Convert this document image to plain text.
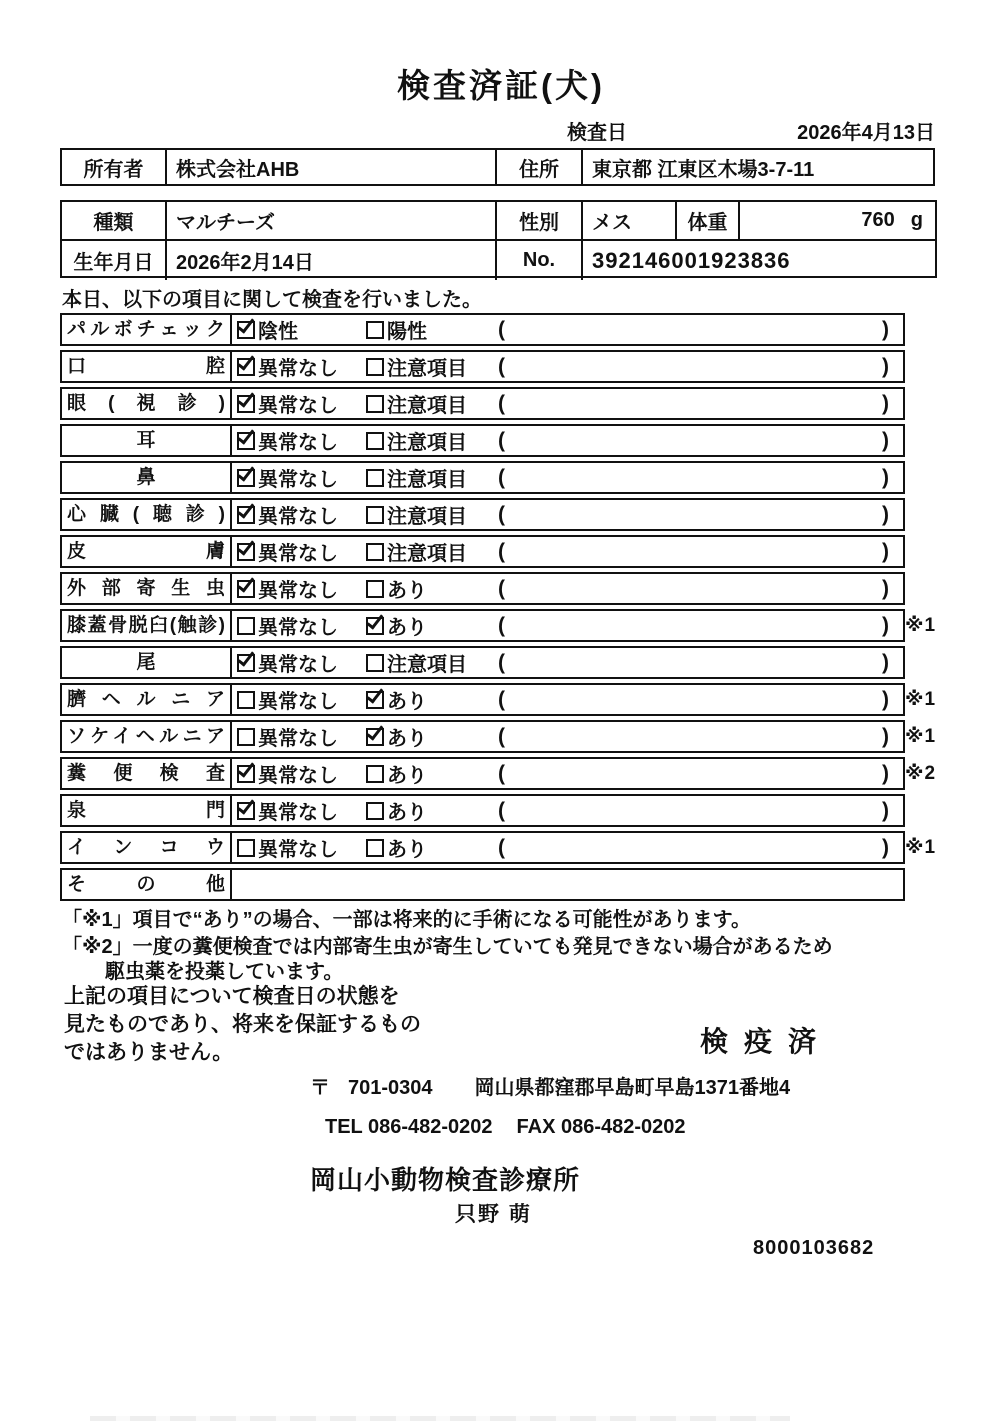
検査済証(犬)
検査日	2026年4月13日
所有者	株式会社AHB	住所	東京都 江東区木場3-7-11
種類	マルチーズ	性別	メス	体重	760 g
生年月日	2026年2月14日	No.	392146001923836
本日、以下の項目に関して検査を行いました。
パルボチェック	陰性	陽性	(	)
口腔	異常なし 注意項目 (	)
眼(視診)	異常なし 注意項目 (	)
耳	異常なし 注意項目 (	)
鼻	異常なし 注意項目 (	)
心臓(聴診)	異常なし 注意項目 (	)
皮膚	異常なし 注意項目 (	)
外部寄生虫	異常なし あり	(	)
膝蓋骨脱臼(触診)	異常なし あり	(	) ※1
尾	異常なし 注意項目 (	)
臍ヘルニア	異常なし あり	(	) ※1
ソケイヘルニア	異常なし あり	(	) ※1
糞便検査	異常なし あり	(	) ※2
泉門	異常なし あり	(	)
インコウ	異常なし あり	(	) ※1
その他
「※1」項目で“あり”の場合、一部は将来的に手術になる可能性があります。
「※2」一度の糞便検査では内部寄生虫が寄生していても発見できない場合があるため
駆虫薬を投薬しています。
上記の項目について検査日の状態を
見たものであり、将来を保証するもの
ではありません。	検疫済
〒 701-0304 岡山県都窪郡早島町早島1371番地4
TEL 086-482-0202 FAX 086-482-0202
岡山小動物検査診療所
只野 萌
8000103682
